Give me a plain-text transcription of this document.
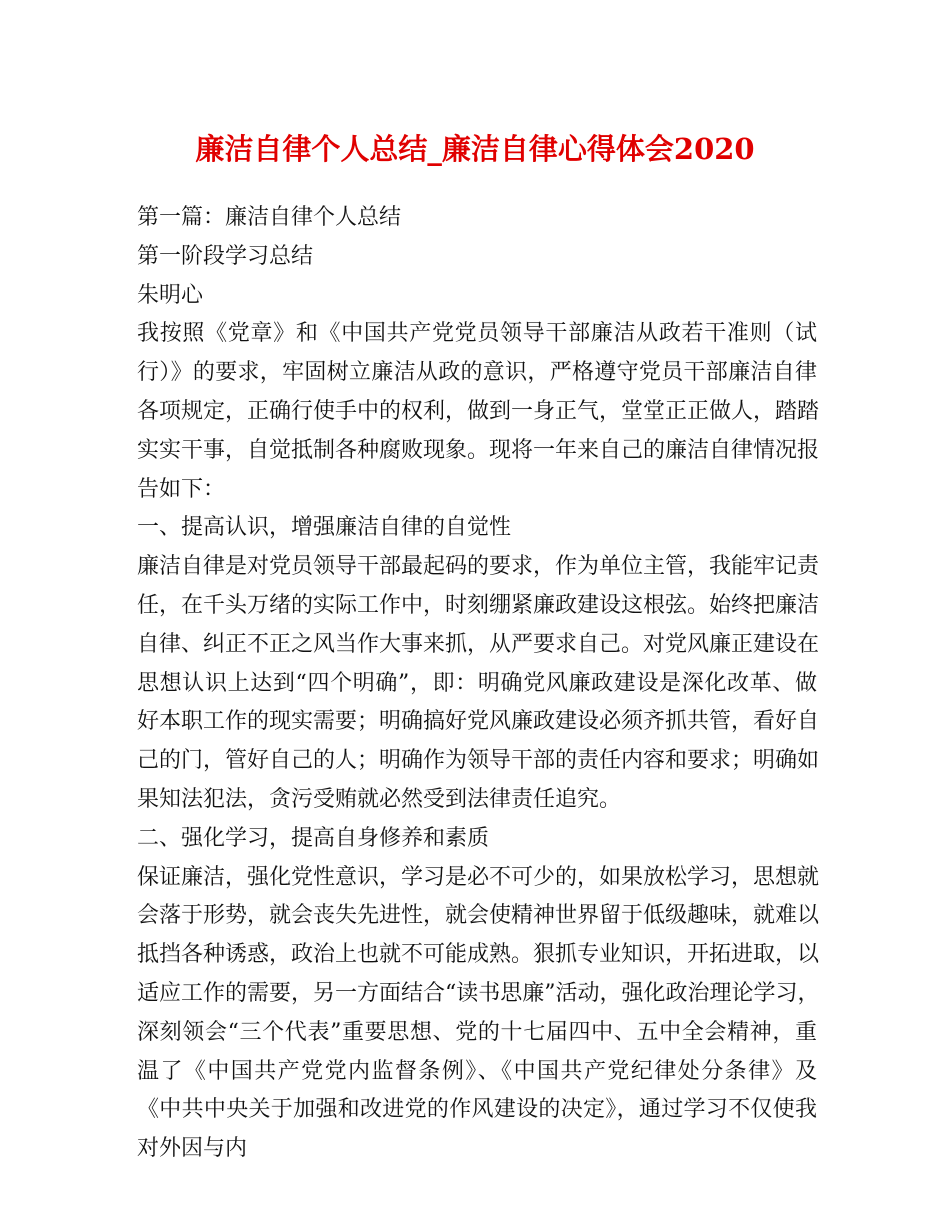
廉洁自律个人总结_廉洁自律心得体会2020
第一篇：廉洁自律个人总结
第一阶段学习总结
朱明心
我按照《党章》和《中国共产党党员领导干部廉洁从政若干准则（试
行）》的要求，牢固树立廉洁从政的意识，严格遵守党员干部廉洁自律
各项规定，正确行使手中的权利，做到一身正气，堂堂正正做人，踏踏
实实干事，自觉抵制各种腐败现象。现将一年来自己的廉洁自律情况报
告如下：
一、提高认识，增强廉洁自律的自觉性
廉洁自律是对党员领导干部最起码的要求，作为单位主管，我能牢记责
任，在千头万绪的实际工作中，时刻绷紧廉政建设这根弦。始终把廉洁
自律、纠正不正之风当作大事来抓，从严要求自己。对党风廉正建设在
思想认识上达到“四个明确”，即：明确党风廉政建设是深化改革、做
好本职工作的现实需要；明确搞好党风廉政建设必须齐抓共管，看好自
己的门，管好自己的人；明确作为领导干部的责任内容和要求；明确如
果知法犯法，贪污受贿就必然受到法律责任追究。
二、强化学习，提高自身修养和素质
保证廉洁，强化党性意识，学习是必不可少的，如果放松学习，思想就
会落于形势，就会丧失先进性，就会使精神世界留于低级趣味，就难以
抵挡各种诱惑，政治上也就不可能成熟。狠抓专业知识，开拓进取，以
适应工作的需要，另一方面结合“读书思廉”活动，强化政治理论学习，
深刻领会“三个代表”重要思想、党的十七届四中、五中全会精神，重
温了《中国共产党党内监督条例》、《中国共产党纪律处分条律》及
《中共中央关于加强和改进党的作风建设的决定》，通过学习不仅使我
对外因与内
